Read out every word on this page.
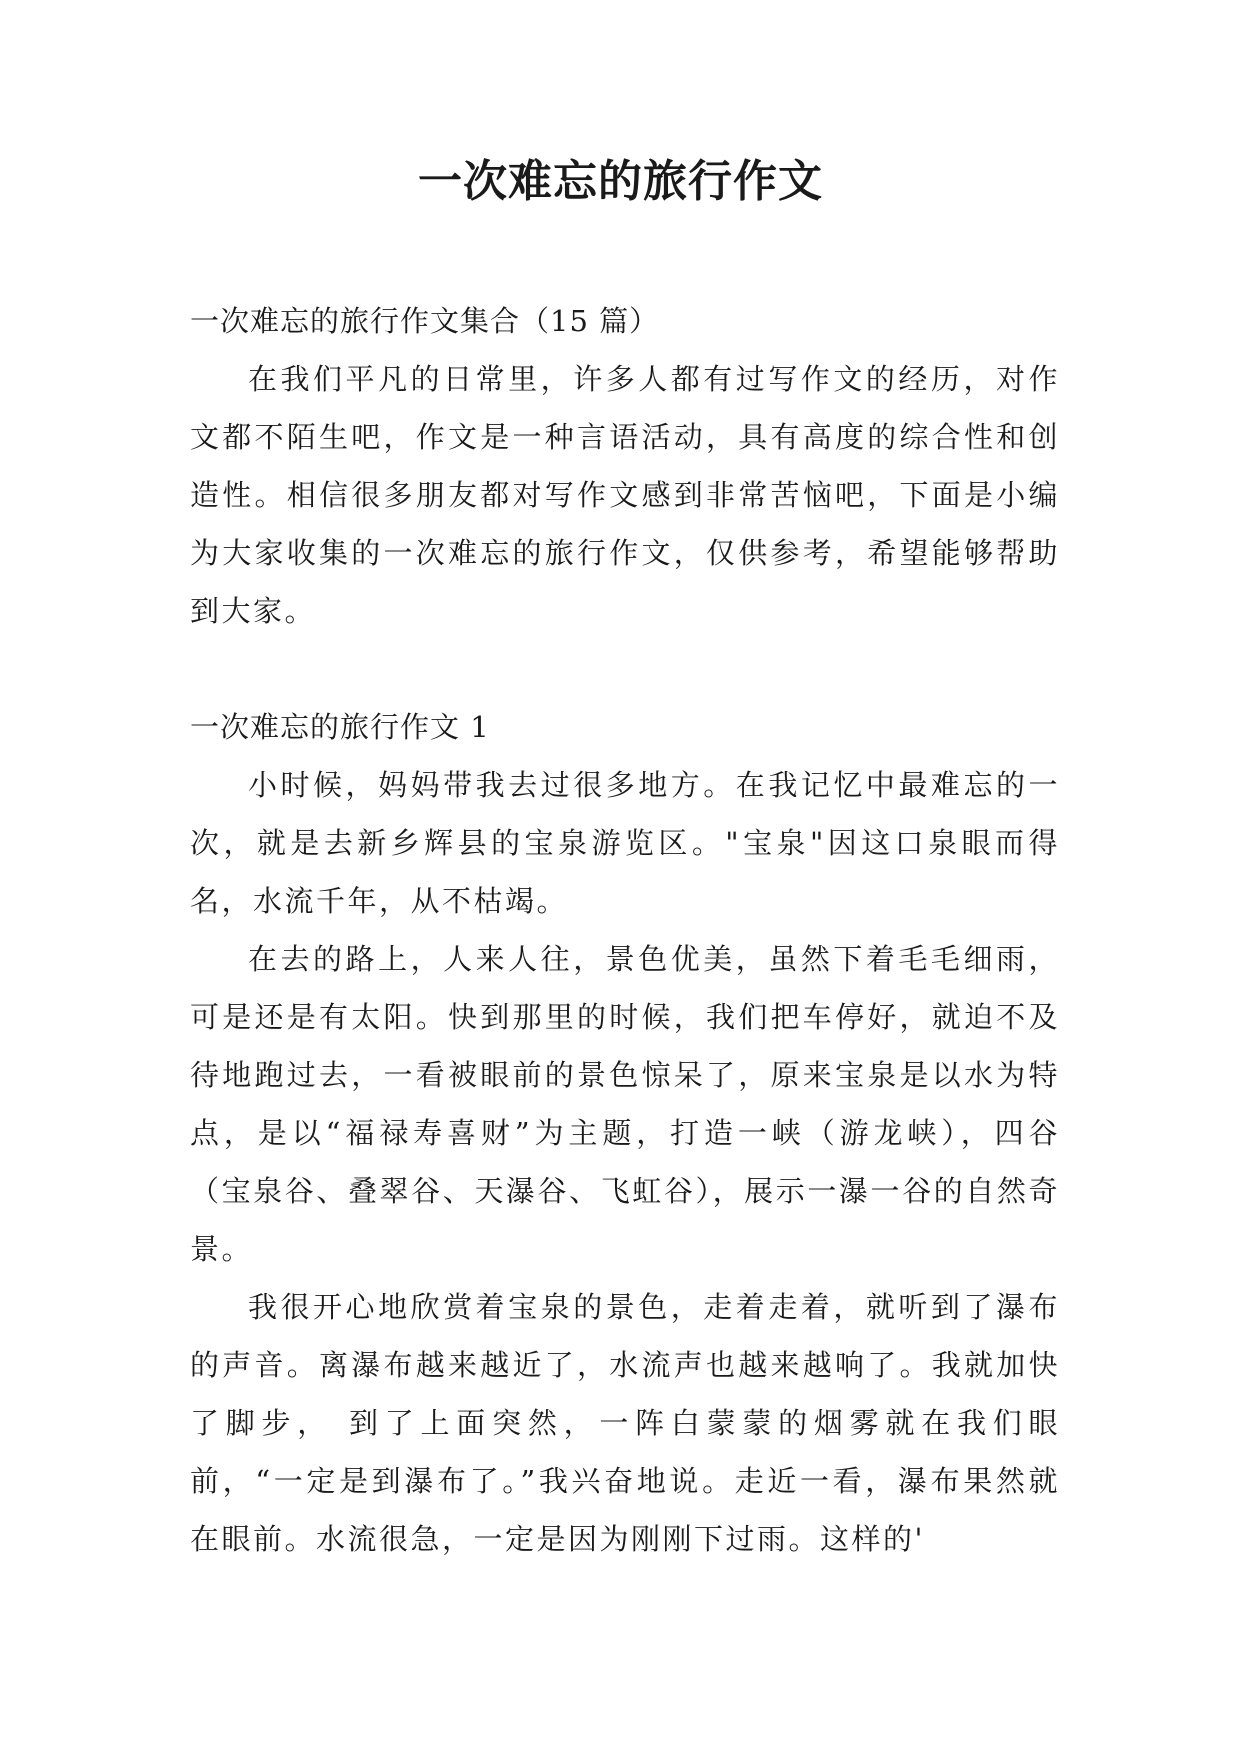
一次难忘的旅行作文
一次难忘的旅行作文集合（15 篇）

在我们平凡的日常里，许多人都有过写作文的经历，对作文都不陌生吧，作文是一种言语活动，具有高度的综合性和创造性。相信很多朋友都对写作文感到非常苦恼吧，下面是小编为大家收集的一次难忘的旅行作文，仅供参考，希望能够帮助到大家。

一次难忘的旅行作文 1

小时候，妈妈带我去过很多地方。在我记忆中最难忘的一次，就是去新乡辉县的宝泉游览区。"宝泉"因这口泉眼而得名，水流千年，从不枯竭。

在去的路上，人来人往，景色优美，虽然下着毛毛细雨，可是还是有太阳。快到那里的时候，我们把车停好，就迫不及待地跑过去，一看被眼前的景色惊呆了，原来宝泉是以水为特点，是以“福禄寿喜财”为主题，打造一峡（游龙峡），四谷（宝泉谷、叠翠谷、天瀑谷、飞虹谷），展示一瀑一谷的自然奇景。

我很开心地欣赏着宝泉的景色，走着走着，就听到了瀑布的声音。离瀑布越来越近了，水流声也越来越响了。我就加快了脚步， 到了上面突然，一阵白蒙蒙的烟雾就在我们眼前，“一定是到瀑布了。”我兴奋地说。走近一看，瀑布果然就在眼前。水流很急，一定是因为刚刚下过雨。这样的'
